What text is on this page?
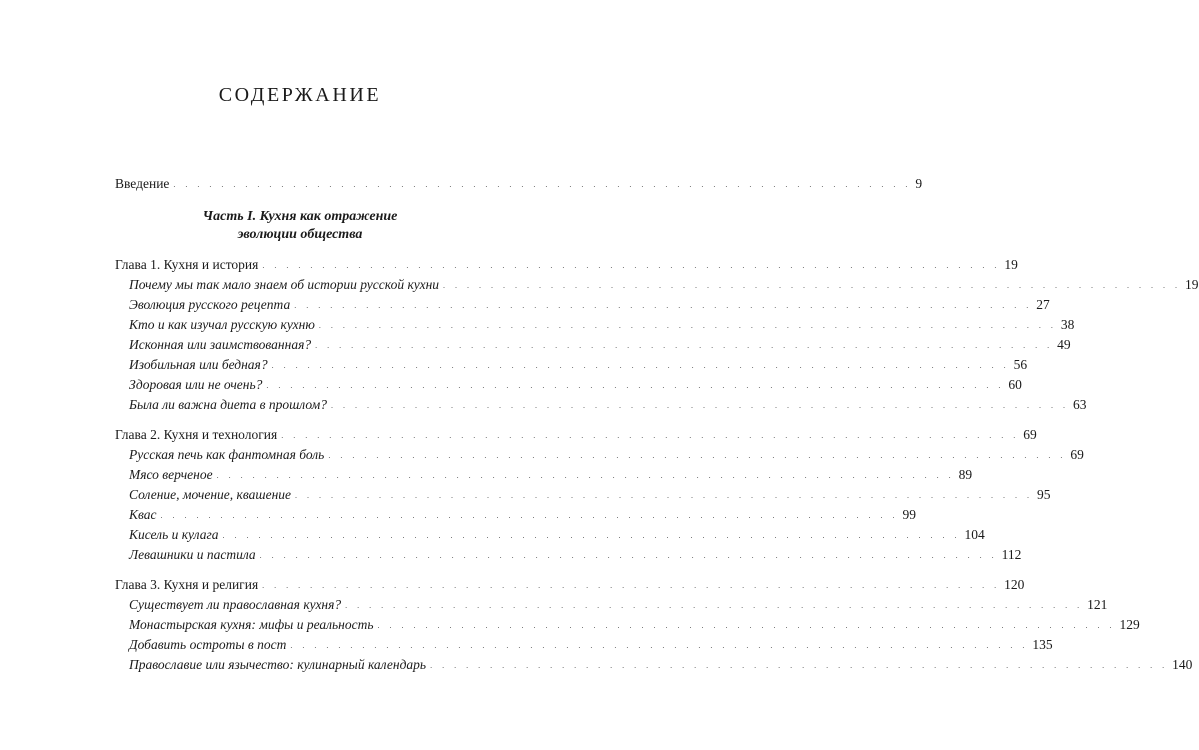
СОДЕРЖАНИЕ
Введение . . . . . . . . . . . . . . . . . . . . . . . . . . . . . . . . . . . . . . . . . . . . . . . . . . . . . . . . . . . . . . 9
Часть I. Кухня как отражение
эволюции общества
Глава 1. Кухня и история . . . . . . . . . . . . . . . . . . . . . . . . . . . . . . . . . . . . . . . . . . . . . . . . . . . . . . . . . . . . . . 19
Почему мы так мало знаем об истории русской кухни . . . . . . . . . . . . . . . . . . . . . . . . . . . . . . . . . . . . . . . . . . . . . . . . . . . . . . . . . . . . . . 19
Эволюция русского рецепта . . . . . . . . . . . . . . . . . . . . . . . . . . . . . . . . . . . . . . . . . . . . . . . . . . . . . . . . . . . . . . 27
Кто и как изучал русскую кухню . . . . . . . . . . . . . . . . . . . . . . . . . . . . . . . . . . . . . . . . . . . . . . . . . . . . . . . . . . . . . . 38
Исконная или заимствованная? . . . . . . . . . . . . . . . . . . . . . . . . . . . . . . . . . . . . . . . . . . . . . . . . . . . . . . . . . . . . . . 49
Изобильная или бедная? . . . . . . . . . . . . . . . . . . . . . . . . . . . . . . . . . . . . . . . . . . . . . . . . . . . . . . . . . . . . . . 56
Здоровая или не очень? . . . . . . . . . . . . . . . . . . . . . . . . . . . . . . . . . . . . . . . . . . . . . . . . . . . . . . . . . . . . . . 60
Была ли важна диета в прошлом? . . . . . . . . . . . . . . . . . . . . . . . . . . . . . . . . . . . . . . . . . . . . . . . . . . . . . . . . . . . . . . 63
Глава 2. Кухня и технология . . . . . . . . . . . . . . . . . . . . . . . . . . . . . . . . . . . . . . . . . . . . . . . . . . . . . . . . . . . . . . 69
Русская печь как фантомная боль . . . . . . . . . . . . . . . . . . . . . . . . . . . . . . . . . . . . . . . . . . . . . . . . . . . . . . . . . . . . . . 69
Мясо верченое . . . . . . . . . . . . . . . . . . . . . . . . . . . . . . . . . . . . . . . . . . . . . . . . . . . . . . . . . . . . . . 89
Соление, мочение, квашение . . . . . . . . . . . . . . . . . . . . . . . . . . . . . . . . . . . . . . . . . . . . . . . . . . . . . . . . . . . . . . 95
Квас . . . . . . . . . . . . . . . . . . . . . . . . . . . . . . . . . . . . . . . . . . . . . . . . . . . . . . . . . . . . . . 99
Кисель и кулага . . . . . . . . . . . . . . . . . . . . . . . . . . . . . . . . . . . . . . . . . . . . . . . . . . . . . . . . . . . . . . 104
Левашники и пастила . . . . . . . . . . . . . . . . . . . . . . . . . . . . . . . . . . . . . . . . . . . . . . . . . . . . . . . . . . . . . . 112
Глава 3. Кухня и религия . . . . . . . . . . . . . . . . . . . . . . . . . . . . . . . . . . . . . . . . . . . . . . . . . . . . . . . . . . . . . . 120
Существует ли православная кухня? . . . . . . . . . . . . . . . . . . . . . . . . . . . . . . . . . . . . . . . . . . . . . . . . . . . . . . . . . . . . . . 121
Монастырская кухня: мифы и реальность . . . . . . . . . . . . . . . . . . . . . . . . . . . . . . . . . . . . . . . . . . . . . . . . . . . . . . . . . . . . . . 129
Добавить остроты в пост . . . . . . . . . . . . . . . . . . . . . . . . . . . . . . . . . . . . . . . . . . . . . . . . . . . . . . . . . . . . . . 135
Православие или язычество: кулинарный календарь . . . . . . . . . . . . . . . . . . . . . . . . . . . . . . . . . . . . . . . . . . . . . . . . . . . . . . . . . . . . . . 140
